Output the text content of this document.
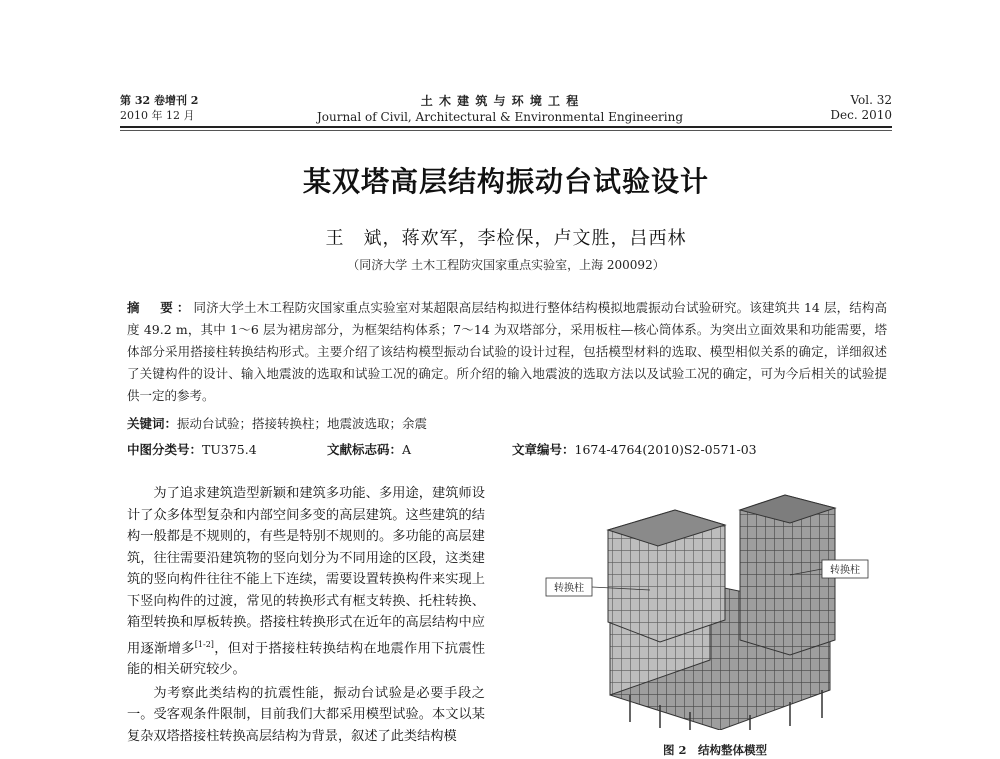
第 32 卷增刊 2
2010 年 12 月
土 木 建 筑 与 环 境 工 程
Journal of Civil, Architectural & Environmental Engineering
Vol. 32
Dec. 2010
某双塔高层结构振动台试验设计
王　斌，蒋欢军，李检保，卢文胜，吕西林
（同济大学 土木工程防灾国家重点实验室，上海 200092）
摘　要：同济大学土木工程防灾国家重点实验室对某超限高层结构拟进行整体结构模拟地震振动台试验研究。该建筑共 14 层，结构高度 49.2 m，其中 1～6 层为裙房部分，为框架结构体系；7～14 为双塔部分，采用板柱—核心筒体系。为突出立面效果和功能需要，塔体部分采用搭接柱转换结构形式。主要介绍了该结构模型振动台试验的设计过程，包括模型材料的选取、模型相似关系的确定，详细叙述了关键构件的设计、输入地震波的选取和试验工况的确定。所介绍的输入地震波的选取方法以及试验工况的确定，可为今后相关的试验提供一定的参考。
关键词：振动台试验；搭接转换柱；地震波选取；余震
中图分类号：TU375.4	文献标志码：A	文章编号：1674-4764(2010)S2-0571-03

为了追求建筑造型新颖和建筑多功能、多用途，建筑师设计了众多体型复杂和内部空间多变的高层建筑。这些建筑的结构一般都是不规则的，有些是特别不规则的。多功能的高层建筑，往往需要沿建筑物的竖向划分为不同用途的区段，这类建筑的竖向构件往往不能上下连续，需要设置转换构件来实现上下竖向构件的过渡，常见的转换形式有框支转换、托柱转换、箱型转换和厚板转换。搭接柱转换形式在近年的高层结构中应用逐渐增多[1-2]，但对于搭接柱转换结构在地震作用下抗震性能的相关研究较少。

为考察此类结构的抗震性能，振动台试验是必要手段之一。受客观条件限制，目前我们大都采用模型试验。本文以某复杂双塔搭接柱转换高层结构为背景，叙述了此类结构模

转换柱
转换柱
图 2　结构整体模型
